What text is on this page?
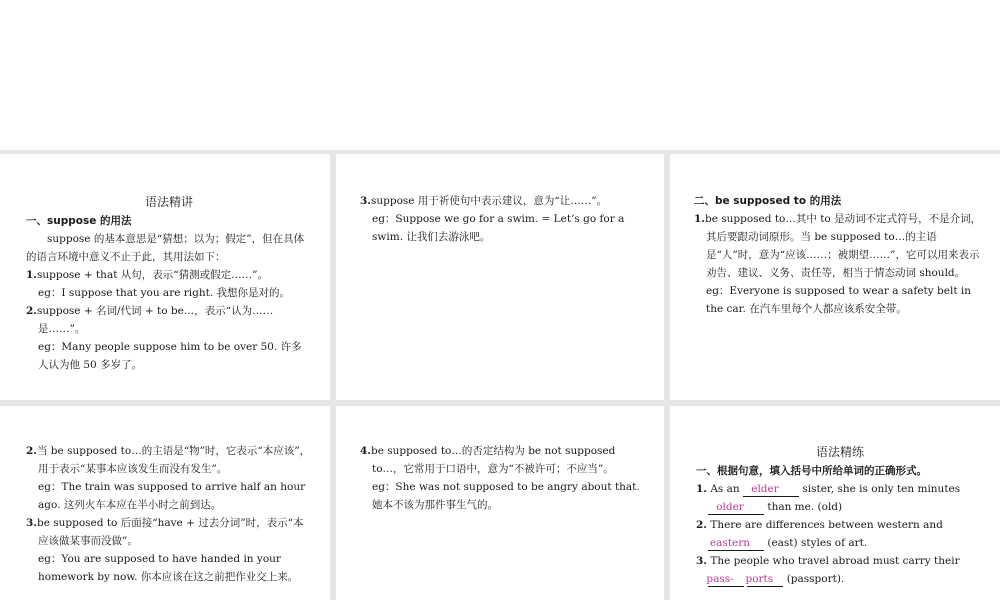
语法精讲

一、suppose 的用法

suppose 的基本意思是“猜想；以为；假定”，但在具体的语言环境中意义不止于此，其用法如下：

1.suppose + that 从句，表示“猜测或假定……”。

eg：I suppose that you are right. 我想你是对的。

2.suppose + 名词/代词 + to be…，表示“认为……是……”。

eg：Many people suppose him to be over 50. 许多人认为他 50 多岁了。

3.suppose 用于祈使句中表示建议，意为“让……”。

eg：Suppose we go for a swim. = Let’s go for a swim. 让我们去游泳吧。

二、be supposed to 的用法

1.be supposed to…其中 to 是动词不定式符号，不是介词，其后要跟动词原形。当 be supposed to…的主语是“人”时，意为“应该……；被期望……”，它可以用来表示劝告、建议、义务、责任等，相当于情态动词 should。

eg：Everyone is supposed to wear a safety belt in the car. 在汽车里每个人都应该系安全带。

2.当 be supposed to…的主语是“物”时，它表示“本应该”，用于表示“某事本应该发生而没有发生”。

eg：The train was supposed to arrive half an hour ago. 这列火车本应在半小时之前到达。

3.be supposed to 后面接“have + 过去分词”时，表示“本应该做某事而没做”。

eg：You are supposed to have handed in your homework by now. 你本应该在这之前把作业交上来。

4.be supposed to…的否定结构为 be not supposed to…，它常用于口语中，意为“不被许可；不应当”。

eg：She was not supposed to be angry about that. 她本不该为那件事生气的。

语法精练

一、根据句意，填入括号中所给单词的正确形式。

1. As an elder sister, she is only ten minutes older than me. (old)

2. There are differences between western and eastern (east) styles of art.

3. The people who travel abroad must carry their pass- ports (passport).
